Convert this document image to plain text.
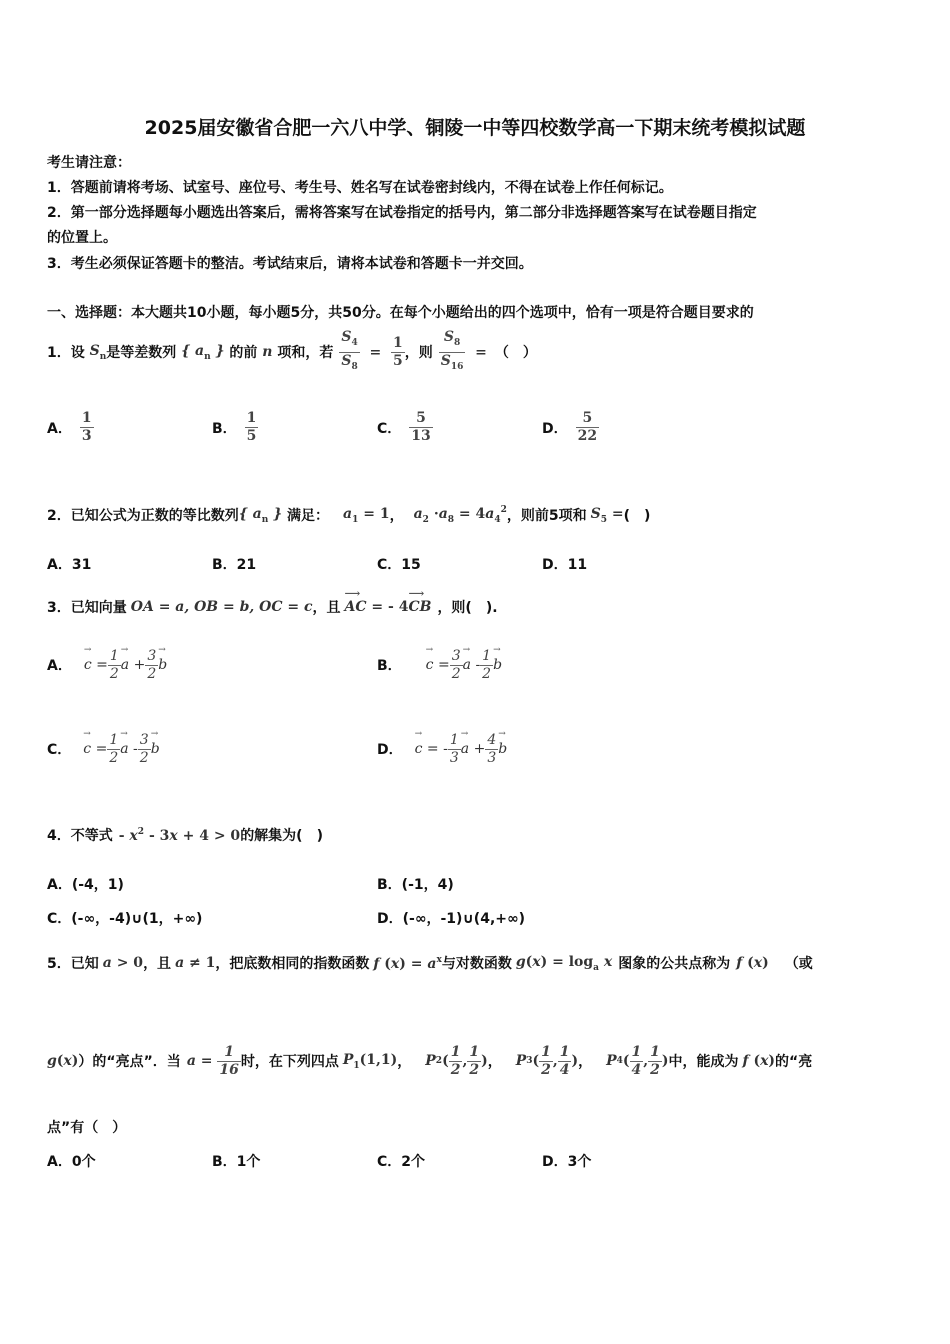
2025届安徽省合肥一六八中学、铜陵一中等四校数学高一下期末统考模拟试题
考生请注意：
1．答题前请将考场、试室号、座位号、考生号、姓名写在试卷密封线内，不得在试卷上作任何标记。
2．第一部分选择题每小题选出答案后，需将答案写在试卷指定的括号内，第二部分非选择题答案写在试卷题目指定
的位置上。
3．考生必须保证答题卡的整洁。考试结束后，请将本试卷和答题卡一并交回。
一、选择题：本大题共10小题，每小题5分，共50分。在每个小题给出的四个选项中，恰有一项是符合题目要求的
1． 设 $S_n$ 是等差数列 { $a_n$ } 的前 n 项和，若 $\frac{S_4}{S_8} = \frac{1}{5}$ ，则 $\frac{S_8}{S_{16}}$ = （　）
A． $\frac{1}{3}$	B． $\frac{1}{5}$	C． $\frac{5}{13}$	D． $\frac{5}{22}$
2． 已知公式为正数的等比数列 { $a_n$ } 满足： $a_1 = 1$ ， $a_2 \cdot a_8 = 4a_4^2$ ，则前5项和 $S_5$ = (　)
A．31	B．21	C．15	D．11
3． 已知向量 OA = a, OB = b, OC = c ，且
⟶ AC = - 4⟶ CB ，则(　).
A．
→ c
= $\frac{1}{2}$
→ a
+ $\frac{3}{2}$
→ b	B．
→ c
= $\frac{3}{2}$
→ a
- $\frac{1}{2}$
→ b
C．
→ c
= $\frac{1}{2}$
→ a
- $\frac{3}{2}$
→ b	D．
→ c
= - $\frac{1}{3}$
→ a
+ $\frac{4}{3}$
→ b
4． 不等式 - $x^2 - 3x + 4 > 0$ 的解集为(　)
A．(-4，1)	B．(-1，4)
C．(-∞，-4)∪(1，+∞)	D．(-∞，-1)∪(4,+∞)
5． 已知 a > 0 ，且 a ≠ 1 ，把底数相同的指数函数 f $(x) = a^x$ 与对数函数 $g(x) = \log_a x$ 图象的公共点称为 f (x) （或
g(x) ）的“亮点”．当 $a = \frac{1}{16}$ 时，在下列四点 $P_1(1,1)$ ， P 2 ( $\frac{1}{2}$ , $\frac{1}{2}$ ) ， P 3 ( $\frac{1}{2}$ , $\frac{1}{4}$ ) ， P 4 ( $\frac{1}{4}$ , $\frac{1}{2}$ ) 中，能成为 f (x) 的“亮
点”有（　）
A．0个	B．1个	C．2个	D．3个
